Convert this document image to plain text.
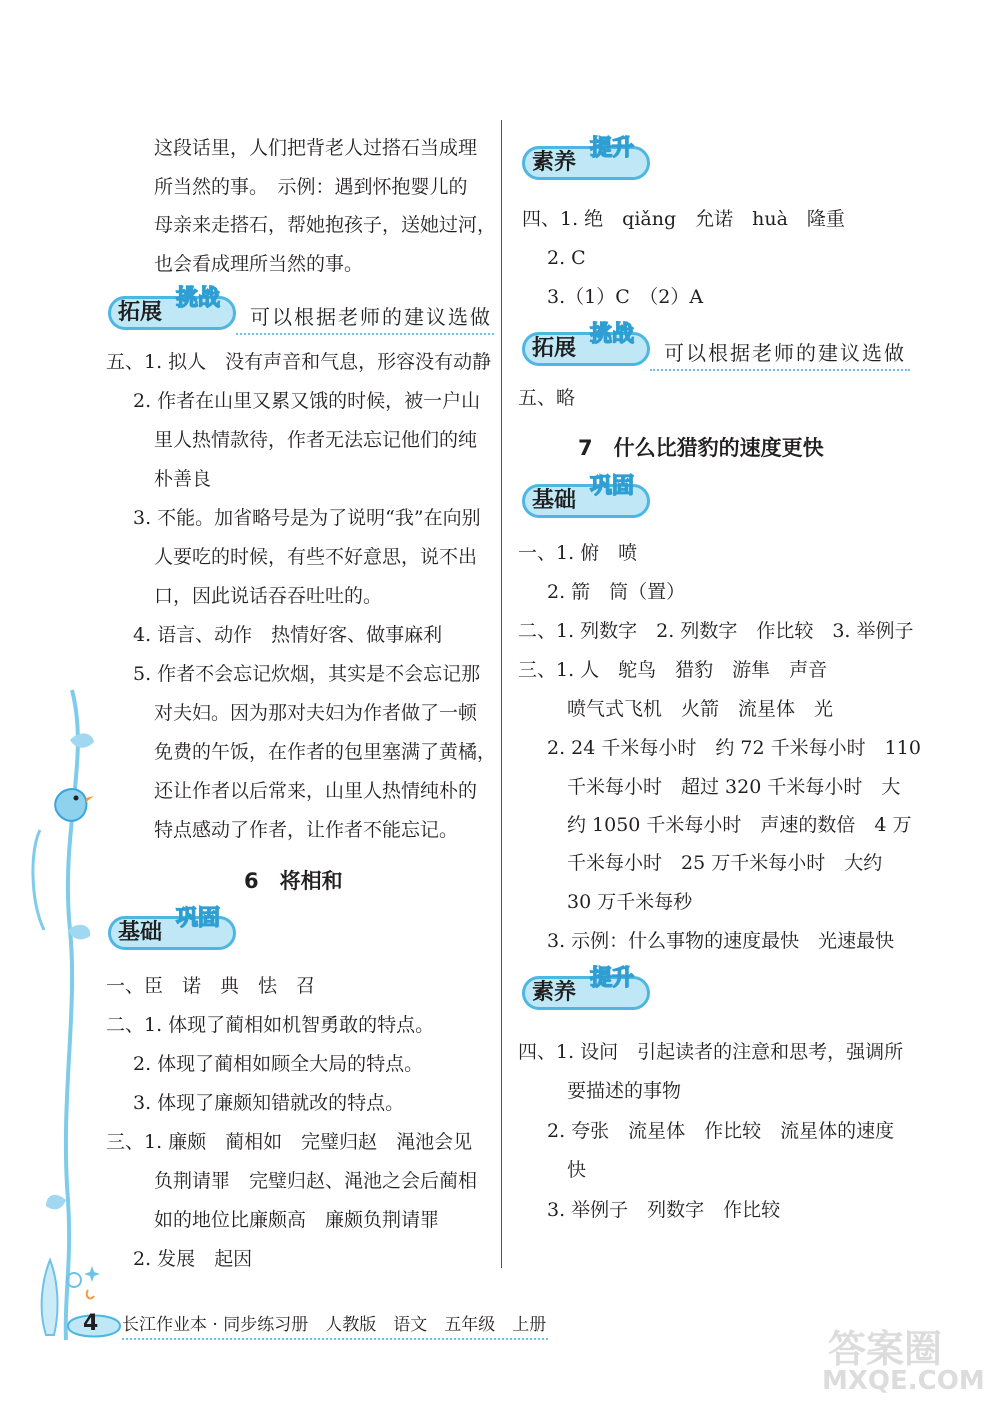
这段话里，人们把背老人过搭石当成理
所当然的事。　示例：遇到怀抱婴儿的
母亲来走搭石，帮她抱孩子，送她过河，
也会看成理所当然的事。
拓展
挑战
可以根据老师的建议选做
五、1. 拟人　没有声音和气息，形容没有动静
2. 作者在山里又累又饿的时候，被一户山
里人热情款待，作者无法忘记他们的纯
朴善良
3. 不能。加省略号是为了说明“我”在向别
人要吃的时候，有些不好意思，说不出
口，因此说话吞吞吐吐的。
4. 语言、动作　热情好客、做事麻利
5. 作者不会忘记炊烟，其实是不会忘记那
对夫妇。因为那对夫妇为作者做了一顿
免费的午饭，在作者的包里塞满了黄橘，
还让作者以后常来，山里人热情纯朴的
特点感动了作者，让作者不能忘记。
6　将相和
基础
巩固
一、臣　诺　典　怯　召
二、1. 体现了蔺相如机智勇敢的特点。
2. 体现了蔺相如顾全大局的特点。
3. 体现了廉颇知错就改的特点。
三、1. 廉颇　蔺相如　完璧归赵　渑池会见
负荆请罪　完璧归赵、渑池之会后蔺相
如的地位比廉颇高　廉颇负荆请罪
2. 发展　起因
素养
提升
四、1. 绝　qiǎng　允诺　huà　隆重
2. C
3.（1）C　（2）A
拓展
挑战
可以根据老师的建议选做
五、略
7　什么比猎豹的速度更快
基础
巩固
一、1. 俯　喷
2. 箭　筒（置）
二、1. 列数字　2. 列数字　作比较　3. 举例子
三、1. 人　鸵鸟　猎豹　游隼　声音
喷气式飞机　火箭　流星体　光
2. 24 千米每小时　约 72 千米每小时　110
千米每小时　超过 320 千米每小时　大
约 1050 千米每小时　声速的数倍　4 万
千米每小时　25 万千米每小时　大约
30 万千米每秒
3. 示例：什么事物的速度最快　光速最快
素养
提升
四、1. 设问　引起读者的注意和思考，强调所
要描述的事物
2. 夸张　流星体　作比较　流星体的速度
快
3. 举例子　列数字　作比较
4 长江作业本 · 同步练习册　人教版　语文　五年级　上册
答案圈
MXQE.COM
